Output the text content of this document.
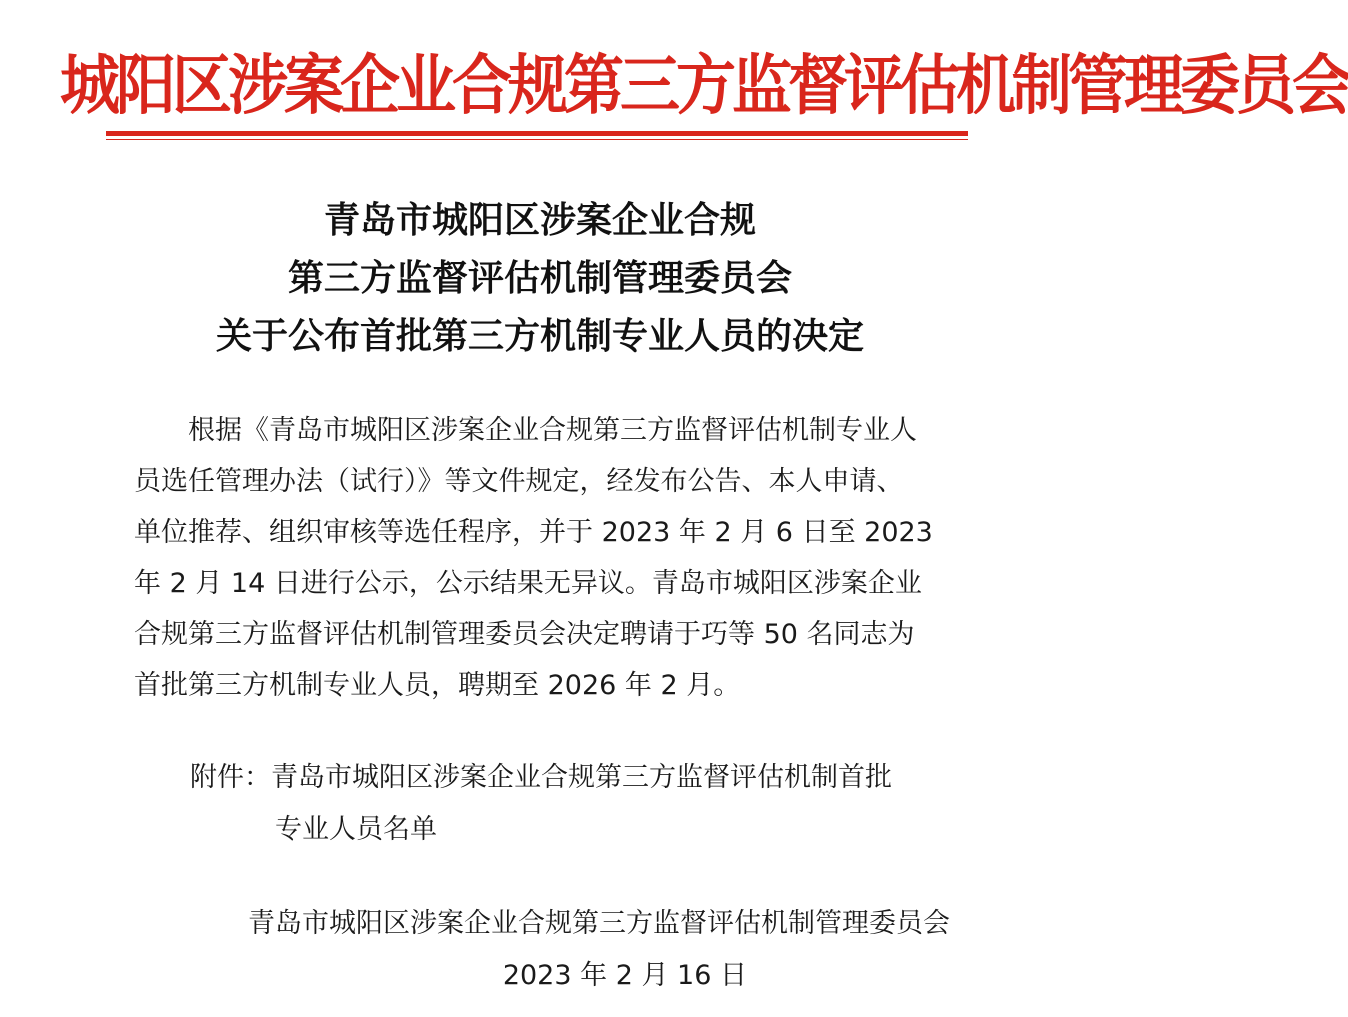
城阳区涉案企业合规第三方监督评估机制管理委员会
青岛市城阳区涉案企业合规
第三方监督评估机制管理委员会
关于公布首批第三方机制专业人员的决定
根据《青岛市城阳区涉案企业合规第三方监督评估机制专业人
员选任管理办法（试行）》等文件规定，经发布公告、本人申请、
单位推荐、组织审核等选任程序，并于 2023 年 2 月 6 日至 2023
年 2 月 14 日进行公示，公示结果无异议。青岛市城阳区涉案企业
合规第三方监督评估机制管理委员会决定聘请于巧等 50 名同志为
首批第三方机制专业人员，聘期至 2026 年 2 月。
附件：青岛市城阳区涉案企业合规第三方监督评估机制首批
专业人员名单
青岛市城阳区涉案企业合规第三方监督评估机制管理委员会
2023 年 2 月 16 日
